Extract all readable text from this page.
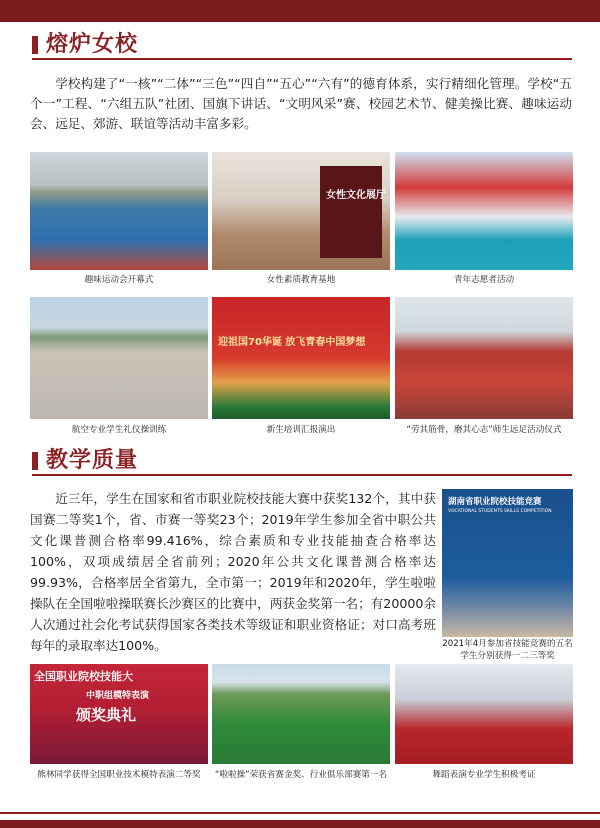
熔炉女校

学校构建了“一核”“二体”“三色”“四自”“五心”“六有”的德育体系，实行精细化管理。学校“五个一”工程、“六组五队”社团、国旗下讲话、“文明风采”赛、校园艺术节、健美操比赛、趣味运动会、远足、郊游、联谊等活动丰富多彩。

趣味运动会开幕式
女性文化展厅
女性素质教育基地	青年志愿者活动
航空专业学生礼仪操训练
迎祖国70华诞 放飞青春中国梦想
新生培训汇报演出	“劳其筋骨，磨其心志”师生远足活动仪式
教学质量

近三年，学生在国家和省市职业院校技能大赛中获奖132个，其中获国赛二等奖1个，省、市赛一等奖23个；2019年学生参加全省中职公共文化课普测合格率99.416%，综合素质和专业技能抽查合格率达100%，双项成绩居全省前列；2020年公共文化课普测合格率达99.93%，合格率居全省第九，全市第一；2019年和2020年，学生啦啦操队在全国啦啦操联赛长沙赛区的比赛中，两获金奖第一名；有20000余人次通过社会化考试获得国家各类技术等级证和职业资格证；对口高考班每年的录取率达100%。

湖南省职业院校技能竞赛
VOCATIONAL STUDENTS SKILLS COMPETITION
2021年4月参加省技能竞赛的五名学生分别获得一二三等奖
全国职业院校技能大
中职组模特表演
颁奖典礼
熊林同学获得全国职业技术模特表演二等奖	“啦啦操”荣获省赛金奖、行业俱乐部赛第一名	舞蹈表演专业学生积极考证
